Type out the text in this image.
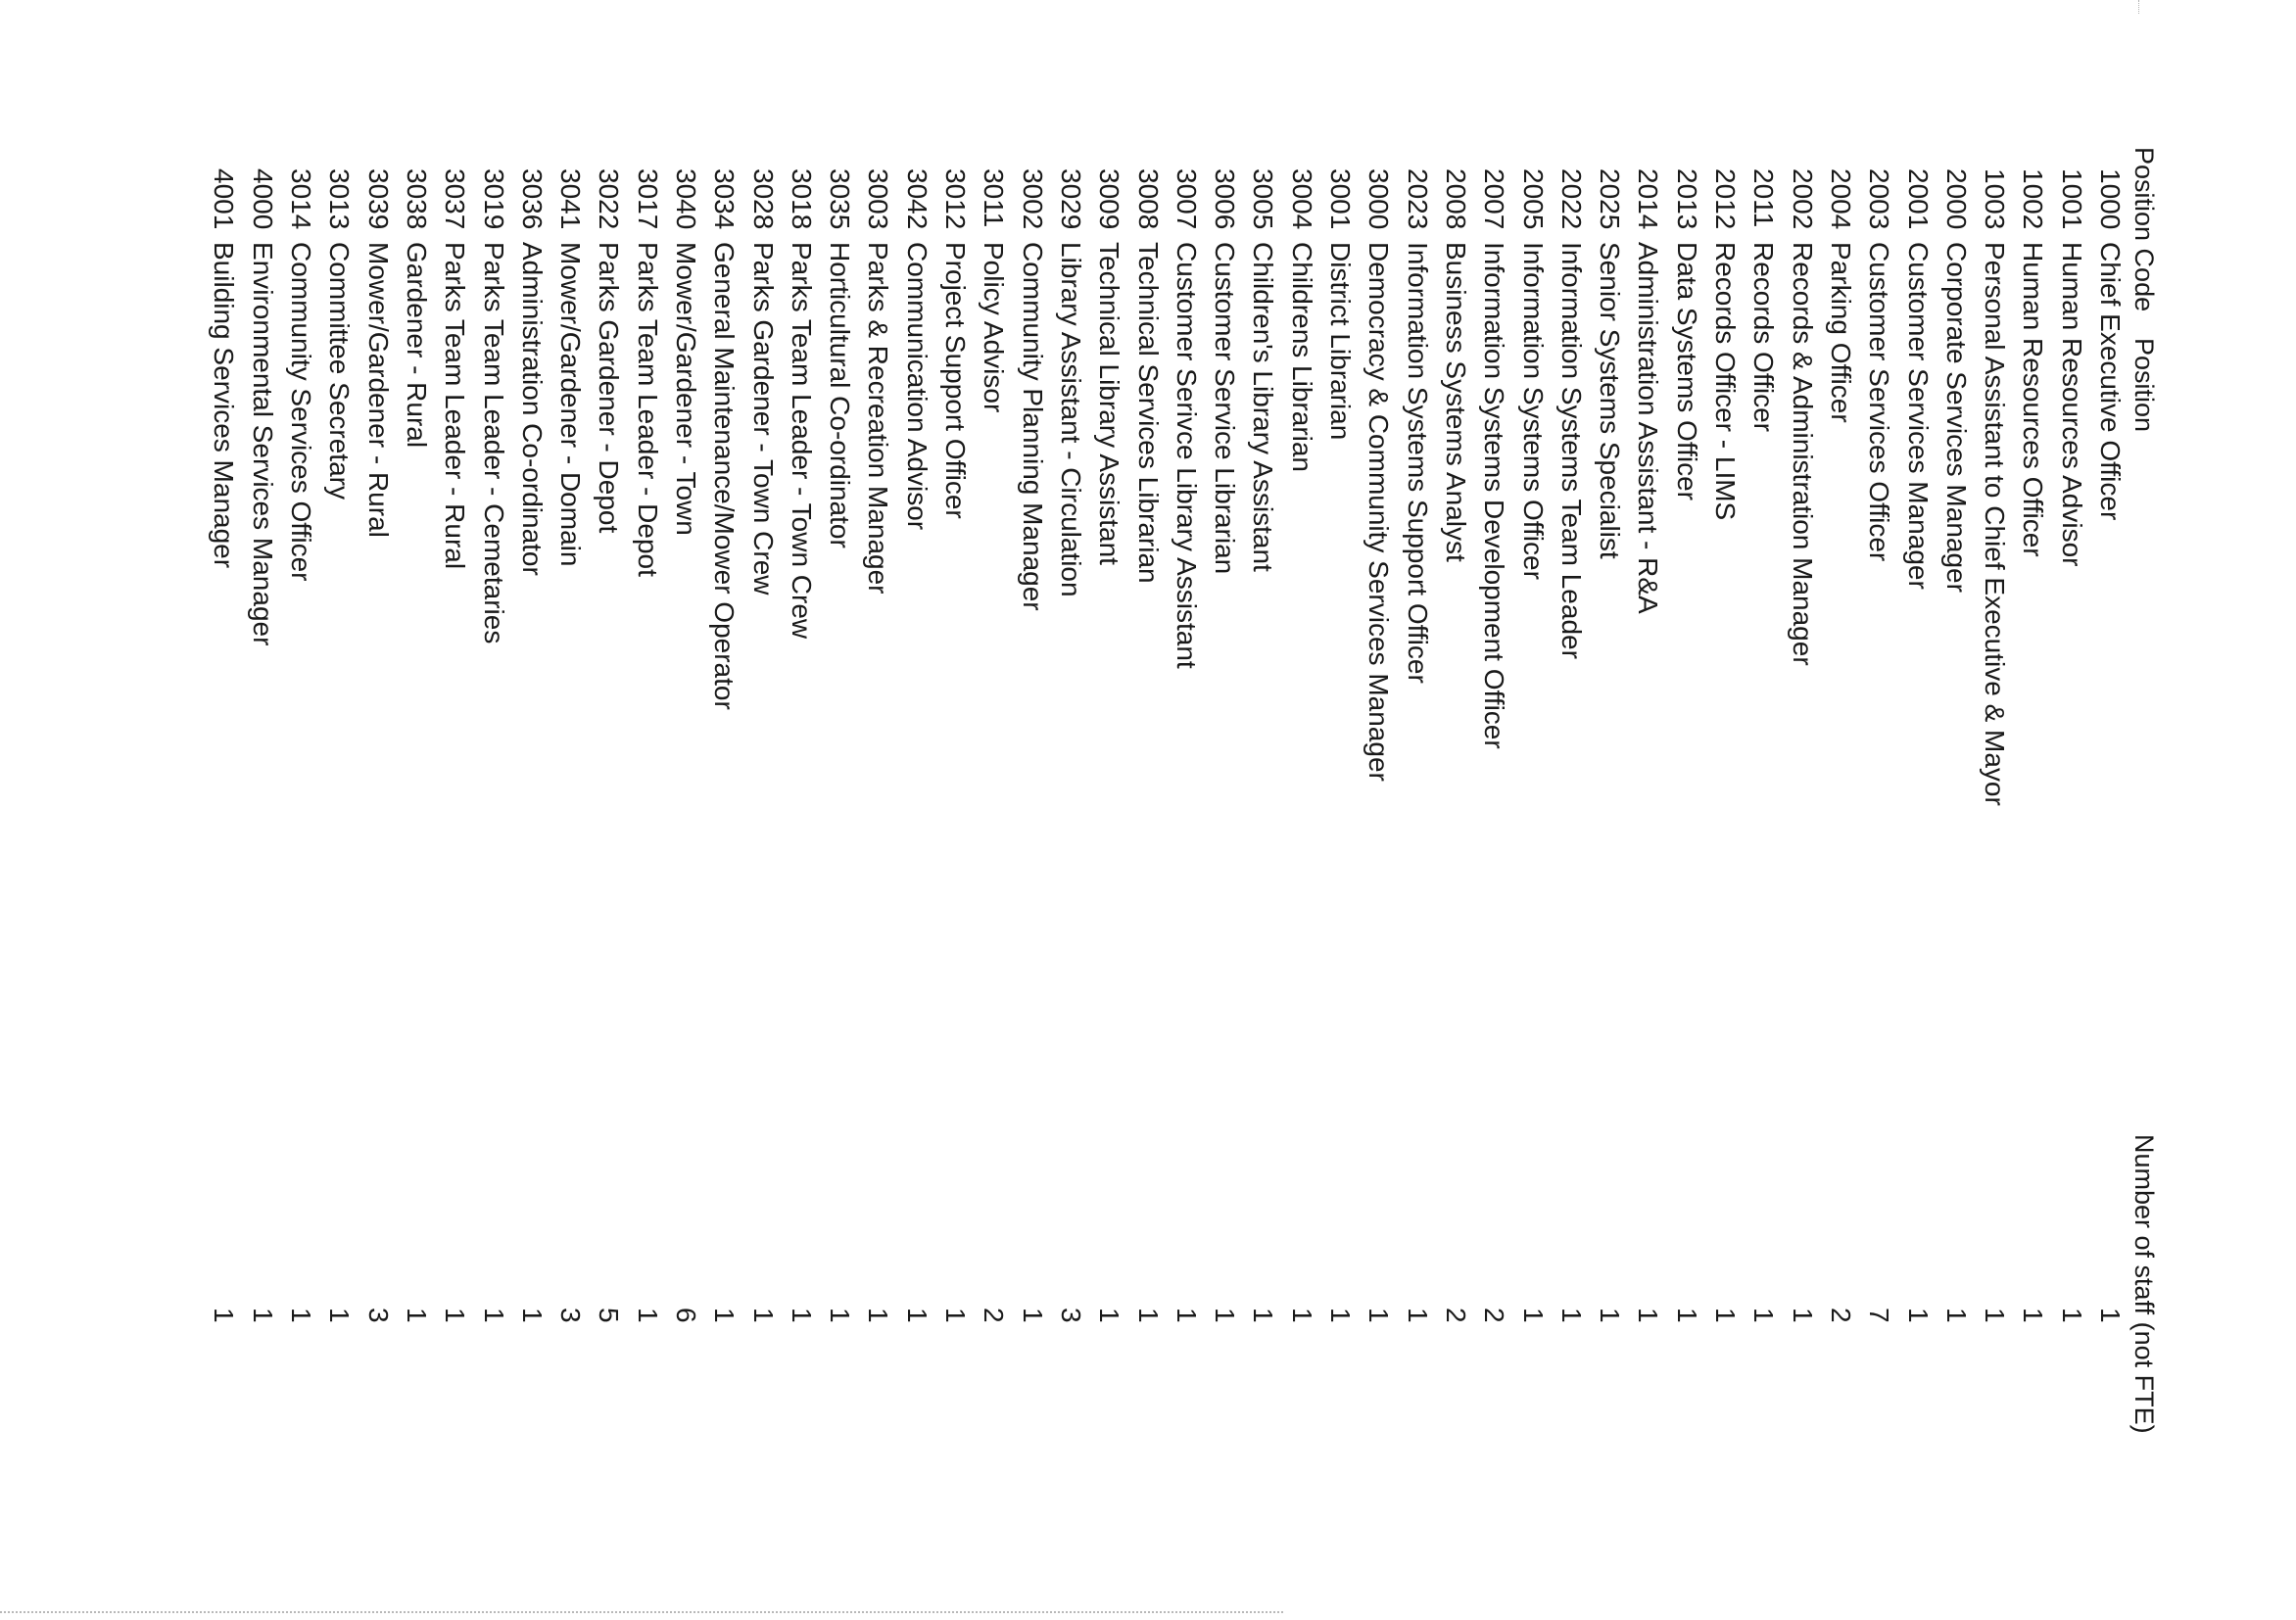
Position Code
Position
Number of staff (not FTE)
1000
Chief Executive Officer
1
1001
Human Resources Advisor
1
1002
Human Resources Officer
1
1003
Personal Assistant to Chief Executive & Mayor
1
2000
Corporate Services Manager
1
2001
Customer Services Manager
1
2003
Customer Services Officer
7
2004
Parking Officer
2
2002
Records & Administration Manager
1
2011
Records Officer
1
2012
Records Officer - LIMS
1
2013
Data Systems Officer
1
2014
Administration Assistant - R&A
1
2025
Senior Systems Specialist
1
2022
Information Systems Team Leader
1
2005
Information Systems Officer
1
2007
Information Systems Development Officer
2
2008
Business Systems Analyst
2
2023
Information Systems Support Officer
1
3000
Democracy & Community Services Manager
1
3001
District Librarian
1
3004
Childrens Librarian
1
3005
Children's Library Assistant
1
3006
Customer Service Librarian
1
3007
Customer Serivce Library Assistant
1
3008
Technical Services Librarian
1
3009
Technical Library Assistant
1
3029
Library Assistant - Circulation
3
3002
Community Planning Manager
1
3011
Policy Advisor
2
3012
Project Support Officer
1
3042
Communication Advisor
1
3003
Parks & Recreation Manager
1
3035
Horticultural Co-ordinator
1
3018
Parks Team Leader - Town Crew
1
3028
Parks Gardener - Town Crew
1
3034
General Maintenance/Mower Operator
1
3040
Mower/Gardener - Town
6
3017
Parks Team Leader - Depot
1
3022
Parks Gardener - Depot
5
3041
Mower/Gardener - Domain
3
3036
Administration Co-ordinator
1
3019
Parks Team Leader - Cemetaries
1
3037
Parks Team Leader - Rural
1
3038
Gardener - Rural
1
3039
Mower/Gardener - Rural
3
3013
Committee Secretary
1
3014
Community Services Officer
1
4000
Environmental Services Manager
1
4001
Building Services Manager
1
